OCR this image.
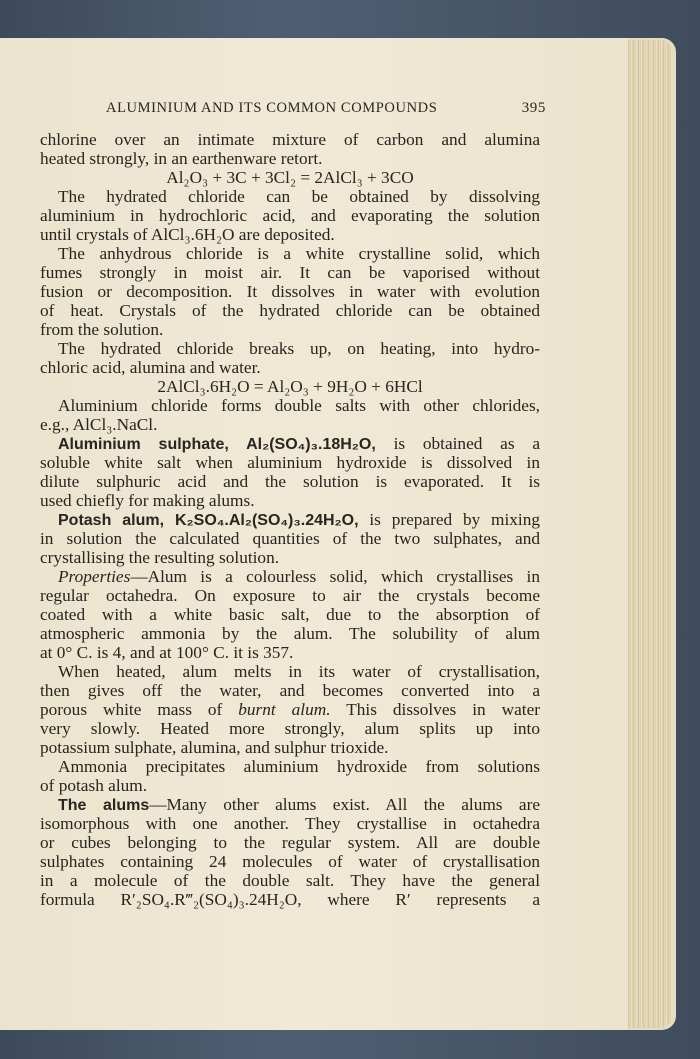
ALUMINIUM AND ITS COMMON COMPOUNDS	395
chlorine over an intimate mixture of carbon and alumina
heated strongly, in an earthenware retort.
Al₂O₃ + 3C + 3Cl₂ = 2AlCl₃ + 3CO
The hydrated chloride can be obtained by dissolving
aluminium in hydrochloric acid, and evaporating the solution
until crystals of AlCl₃.6H₂O are deposited.
The anhydrous chloride is a white crystalline solid, which
fumes strongly in moist air. It can be vaporised without
fusion or decomposition. It dissolves in water with evolution
of heat. Crystals of the hydrated chloride can be obtained
from the solution.
The hydrated chloride breaks up, on heating, into hydro-
chloric acid, alumina and water.
2AlCl₃.6H₂O = Al₂O₃ + 9H₂O + 6HCl
Aluminium chloride forms double salts with other chlorides,
e.g., AlCl₃.NaCl.
Aluminium sulphate, Al₂(SO₄)₃.18H₂O, is obtained as a
soluble white salt when aluminium hydroxide is dissolved in
dilute sulphuric acid and the solution is evaporated. It is
used chiefly for making alums.
Potash alum, K₂SO₄.Al₂(SO₄)₃.24H₂O, is prepared by mixing
in solution the calculated quantities of the two sulphates, and
crystallising the resulting solution.
Properties—Alum is a colourless solid, which crystallises in
regular octahedra. On exposure to air the crystals become
coated with a white basic salt, due to the absorption of
atmospheric ammonia by the alum. The solubility of alum
at 0° C. is 4, and at 100° C. it is 357.
When heated, alum melts in its water of crystallisation,
then gives off the water, and becomes converted into a
porous white mass of burnt alum. This dissolves in water
very slowly. Heated more strongly, alum splits up into
potassium sulphate, alumina, and sulphur trioxide.
Ammonia precipitates aluminium hydroxide from solutions
of potash alum.
The alums—Many other alums exist. All the alums are
isomorphous with one another. They crystallise in octahedra
or cubes belonging to the regular system. All are double
sulphates containing 24 molecules of water of crystallisation
in a molecule of the double salt. They have the general
formula R′₂SO₄.R‴₂(SO₄)₃.24H₂O, where R′ represents a
